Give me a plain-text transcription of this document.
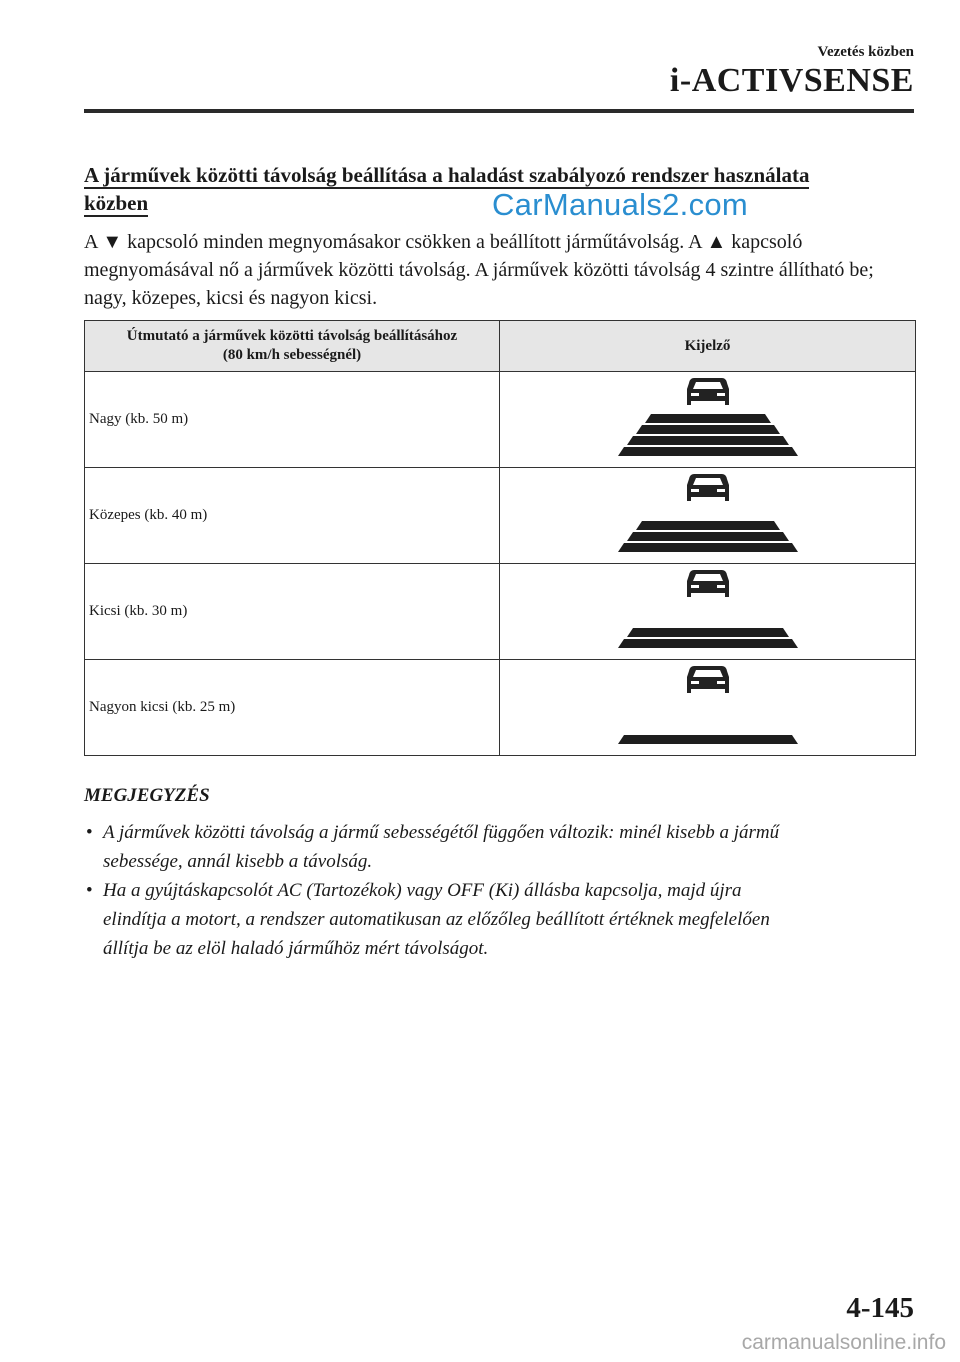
Vezetés közben
i-ACTIVSENSE
A járművek közötti távolság beállítása a haladást szabályozó rendszer használata
közben	CarManuals2.com
A ▼ kapcsoló minden megnyomásakor csökken a beállított járműtávolság. A ▲ kapcsoló megnyomásával nő a járművek közötti távolság. A járművek közötti távolság 4 szintre állítható be; nagy, közepes, kicsi és nagyon kicsi.
Útmutató a járművek közötti távolság beállításához
(80 km/h sebességnél)	Kijelző
Nagy (kb. 50 m)	

Közepes (kb. 40 m)	

Kicsi (kb. 30 m)	

Nagyon kicsi (kb. 25 m)	
MEGJEGYZÉS
• A járművek közötti távolság a jármű sebességétől függően változik: minél kisebb a jármű
sebessége, annál kisebb a távolság.
• Ha a gyújtáskapcsolót AC (Tartozékok) vagy OFF (Ki) állásba kapcsolja, majd újra
elindítja a motort, a rendszer automatikusan az előzőleg beállított értéknek megfelelően
állítja be az elöl haladó járműhöz mért távolságot.
4-145
carmanualsonline.info
